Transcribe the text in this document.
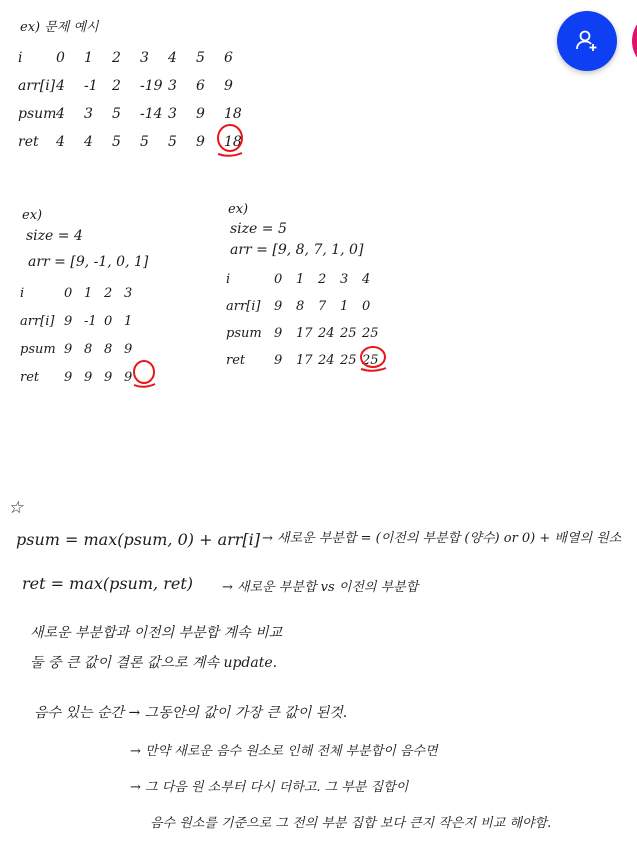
ex) 문제 예시
i 0 1 2 3 4 5 6
arr[i] 4 -1 2 -19 3 6 9
psum 4 3 5 -14 3 9 18
ret 4 4 5 5 5 9 18
ex)
size = 4
arr = [9, -1, 0, 1]
i	0 1 2 3
arr[i] 9 -1 0 1
psum 9 8 8 9
ret 9 9 9 9
ex)
size = 5
arr = [9, 8, 7, 1, 0]
i	0 1 2 3 4
arr[i] 9 8 7 1 0
psum 9 17 24 25 25
ret 9 17 24 25 25
☆
psum = max(psum, 0) + arr[i] → 새로운 부분합 = (이전의 부분합 (양수) or 0) + 배열의 원소
ret = max(psum, ret) → 새로운 부분합 vs 이전의 부분합
새로운 부분합과 이전의 부분합 계속 비교
둘 중 큰 값이 결론 값으로 계속 update.
음수 있는 순간 → 그동안의 값이 가장 큰 값이 된것.
→ 만약 새로운 음수 원소로 인해 전체 부분합이 음수면
→ 그 다음 원 소부터 다시 더하고. 그 부분 집합이
음수 원소를 기준으로 그 전의 부분 집합 보다 큰지 작은지 비교 해야함.
